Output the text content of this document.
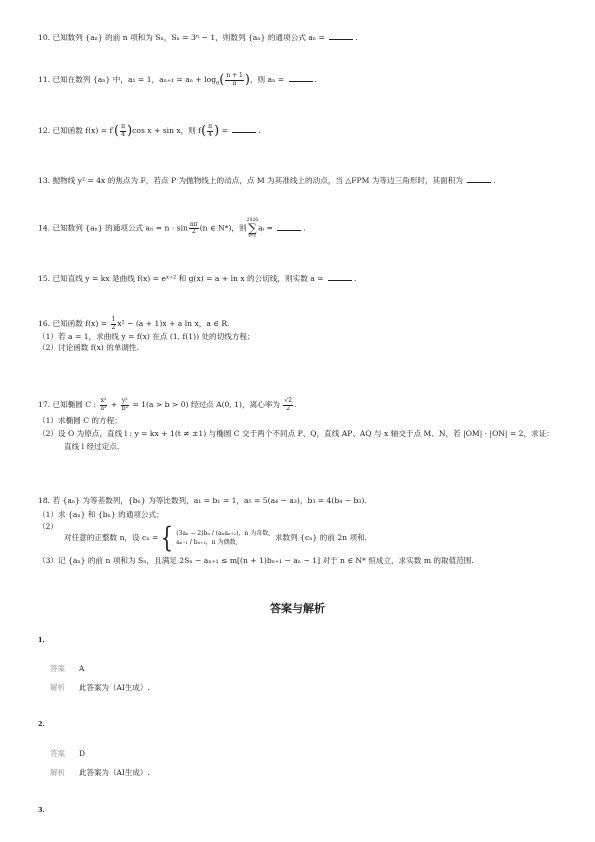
10. 已知数列 {aₙ} 的前 n 项和为 Sₙ，Sₙ = 3ⁿ − 1，则数列 {aₙ} 的通项公式 aₙ =	.
11. 已知在数列 {aₙ} 中，a₁ = 1，$a_{n+1} = a_n + \log_6( \frac{n + 1}{n}$ )，则 aₙ =	.
12. 已知函数 $f(x) = f'( \frac{\pi}{4} )\cos$ x + sin x，则 $f( \frac{\pi}{4}$ ) =	.
13. 抛物线 y² = 4x 的焦点为 F，若点 P 为抛物线上的动点，点 M 为其准线上的动点，当 △FPM 为等边三角形时，其面积为	.
14. 已知数列 {aₙ} 的通项公式 $a_n = n \cdot \sin \frac{n\pi}{2} (n$ ∈ N*)，则
2026
∑
i=1
aᵢ =	.
15. 已知直线 y = kx 是曲线 f(x) = eˣ⁺² 和 g(x) = a + ln x 的公切线，则实数 a =	.
16. 已知函数 $f(x) = \frac{1}{2} x^2 - (a + 1)x + a$ ln x，a ∈ R.
（1）若 a = 1，求曲线 y = f(x) 在点 (1, f(1)) 处的切线方程；
（2）讨论函数 f(x) 的单调性.
17. 已知椭圆 C : $\frac{\text{x²}}{\text{a²}} + \frac{\text{y²}}{\text{b²}} = 1(a > b > 0)$ 经过点 A(0, 1)，离心率为 $\frac{√2}{2}$ .
（1）求椭圆 C 的方程；
（2）设 O 为原点，直线 l : y = kx + 1(t ≠ ±1) 与椭圆 C 交于两个不同点 P、Q，直线 AP、AQ 与 x 轴交于点 M、N，若 |OM| · |ON| = 2，求证：
直线 l 经过定点.
18. 若 {aₙ} 为等差数列，{bₙ} 为等比数列，a₁ = b₁ = 1，a₅ = 5(a₄ − a₃)，b₃ = 4(b₄ − b₃).
（1）求 {aₙ} 和 {bₙ} 的通项公式；
（2）
对任意的正整数 n，设 cₙ ={ (3aₙ − 2)bₙ / (aₙaₙ₊₂)，n 为奇数,
aₙ₋₁ / bₙ₊₁，n 为偶数,
求数列 {cₙ} 的前 2n 项和.
（3）记 {aₙ} 的前 n 项和为 Sₙ，且满足 2Sₙ − aₙ₊₁ ≤ m[(n + 1)bₙ₊₁ − aₙ − 1] 对于 n ∈ N* 恒成立，求实数 m 的取值范围.
答案与解析
1.
答案 A
解析 此答案为（AI生成）.
2.
答案 D
解析 此答案为（AI生成）.
3.
